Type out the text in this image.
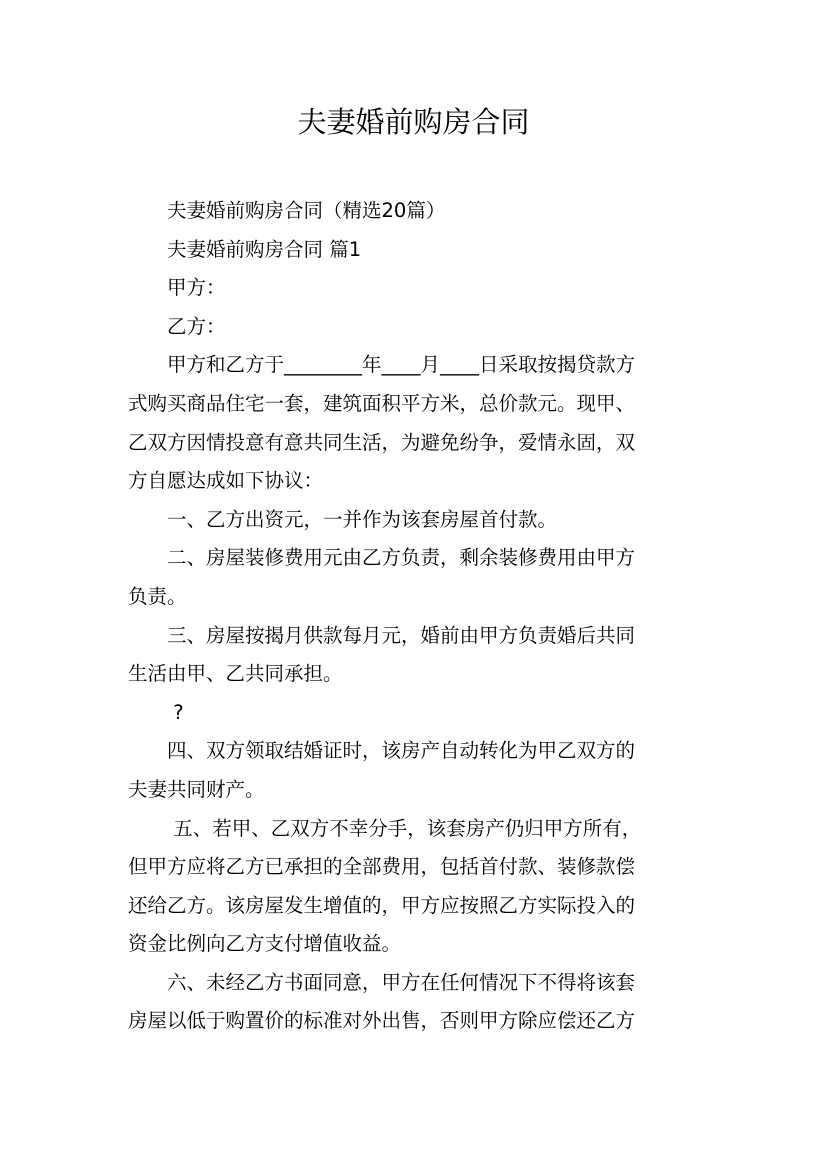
夫妻婚前购房合同
　　夫妻婚前购房合同（精选20篇）
　　夫妻婚前购房合同 篇1
　　甲方：
　　乙方：
　　甲方和乙方于________年____月____日采取按揭贷款方
式购买商品住宅一套，建筑面积平方米，总价款元。现甲、
乙双方因情投意有意共同生活，为避免纷争，爱情永固，双
方自愿达成如下协议：
　　一、乙方出资元，一并作为该套房屋首付款。
　　二、房屋装修费用元由乙方负责，剩余装修费用由甲方
负责。
　　三、房屋按揭月供款每月元，婚前由甲方负责婚后共同
生活由甲、乙共同承担。
　　 ?
　　四、双方领取结婚证时，该房产自动转化为甲乙双方的
夫妻共同财产。
　　 五、若甲、乙双方不幸分手，该套房产仍归甲方所有，
但甲方应将乙方已承担的全部费用，包括首付款、装修款偿
还给乙方。该房屋发生增值的，甲方应按照乙方实际投入的
资金比例向乙方支付增值收益。
　　六、未经乙方书面同意，甲方在任何情况下不得将该套
房屋以低于购置价的标准对外出售，否则甲方除应偿还乙方
